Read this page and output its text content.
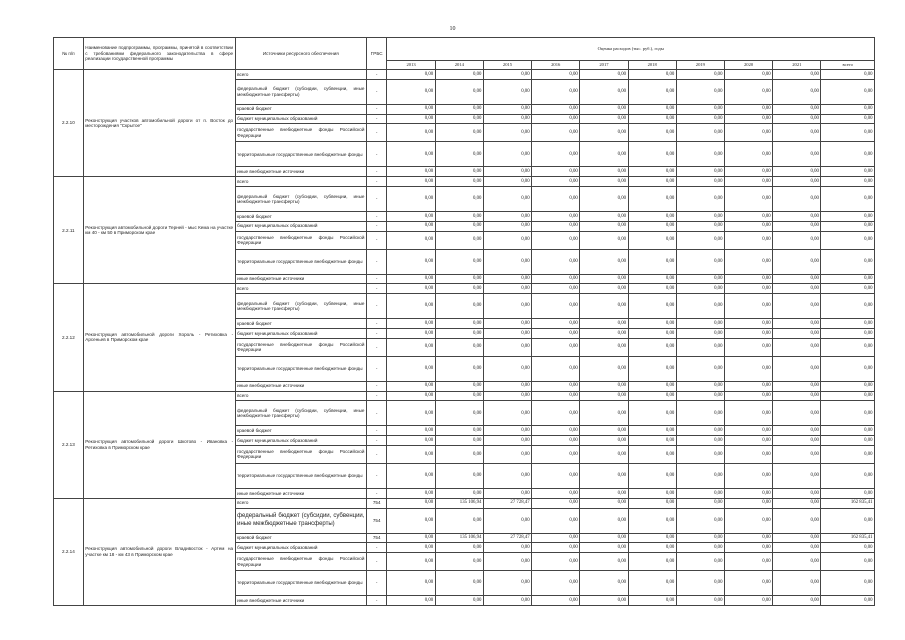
10
№ п/п	Наименование подпрограммы, программы, принятой в соответствии с требованиями федерального законодательства в сфере реализации государственной программы	Источники ресурсного обеспечения	ГРБС	Оценка расходов (тыс. руб.), годы									
				2013	2014	2015	2016	2017	2018	2019	2020	2021	всего
2.2.10	Реконструкция участков автомобильной дороги от п. Восток до месторождения "Скрытое"	всего	-	0,00	0,00	0,00	0,00	0,00	0,00	0,00	0,00	0,00	0,00
		федеральный бюджет (субсидии, субвенции, иные межбюджетные трансферты)	-	0,00	0,00	0,00	0,00	0,00	0,00	0,00	0,00	0,00	0,00
		краевой бюджет	-	0,00	0,00	0,00	0,00	0,00	0,00	0,00	0,00	0,00	0,00
		бюджет муниципальных образований	-	0,00	0,00	0,00	0,00	0,00	0,00	0,00	0,00	0,00	0,00
		государственные внебюджетные фонды Российской Федерации	-	0,00	0,00	0,00	0,00	0,00	0,00	0,00	0,00	0,00	0,00
		территориальные государственные внебюджетные фонды	-	0,00	0,00	0,00	0,00	0,00	0,00	0,00	0,00	0,00	0,00
		иные внебюджетные источники	-	0,00	0,00	0,00	0,00	0,00	0,00	0,00	0,00	0,00	0,00
2.2.11	Реконструкция автомобильной дороги Терней - мыс Кема на участке км 40 - км 50 в Приморском крае	всего	-	0,00	0,00	0,00	0,00	0,00	0,00	0,00	0,00	0,00	0,00
		федеральный бюджет (субсидии, субвенции, иные межбюджетные трансферты)	-	0,00	0,00	0,00	0,00	0,00	0,00	0,00	0,00	0,00	0,00
		краевой бюджет	-	0,00	0,00	0,00	0,00	0,00	0,00	0,00	0,00	0,00	0,00
		бюджет муниципальных образований	-	0,00	0,00	0,00	0,00	0,00	0,00	0,00	0,00	0,00	0,00
		государственные внебюджетные фонды Российской Федерации	-	0,00	0,00	0,00	0,00	0,00	0,00	0,00	0,00	0,00	0,00
		территориальные государственные внебюджетные фонды	-	0,00	0,00	0,00	0,00	0,00	0,00	0,00	0,00	0,00	0,00
		иные внебюджетные источники	-	0,00	0,00	0,00	0,00	0,00	0,00	0,00	0,00	0,00	0,00
2.2.12	Реконструкция автомобильной дороги Хороль - Ретиховка - Арсеньев в Приморском крае	всего	-	0,00	0,00	0,00	0,00	0,00	0,00	0,00	0,00	0,00	0,00
		федеральный бюджет (субсидии, субвенции, иные межбюджетные трансферты)	-	0,00	0,00	0,00	0,00	0,00	0,00	0,00	0,00	0,00	0,00
		краевой бюджет	-	0,00	0,00	0,00	0,00	0,00	0,00	0,00	0,00	0,00	0,00
		бюджет муниципальных образований	-	0,00	0,00	0,00	0,00	0,00	0,00	0,00	0,00	0,00	0,00
		государственные внебюджетные фонды Российской Федерации	-	0,00	0,00	0,00	0,00	0,00	0,00	0,00	0,00	0,00	0,00
		территориальные государственные внебюджетные фонды	-	0,00	0,00	0,00	0,00	0,00	0,00	0,00	0,00	0,00	0,00
		иные внебюджетные источники	-	0,00	0,00	0,00	0,00	0,00	0,00	0,00	0,00	0,00	0,00
2.2.13	Реконструкция автомобильной дороги Шкотово - Ивановка - Ретиховка в Приморском крае	всего	-	0,00	0,00	0,00	0,00	0,00	0,00	0,00	0,00	0,00	0,00
		федеральный бюджет (субсидии, субвенции, иные межбюджетные трансферты)	-	0,00	0,00	0,00	0,00	0,00	0,00	0,00	0,00	0,00	0,00
		краевой бюджет	-	0,00	0,00	0,00	0,00	0,00	0,00	0,00	0,00	0,00	0,00
		бюджет муниципальных образований	-	0,00	0,00	0,00	0,00	0,00	0,00	0,00	0,00	0,00	0,00
		государственные внебюджетные фонды Российской Федерации	-	0,00	0,00	0,00	0,00	0,00	0,00	0,00	0,00	0,00	0,00
		территориальные государственные внебюджетные фонды	-	0,00	0,00	0,00	0,00	0,00	0,00	0,00	0,00	0,00	0,00
		иные внебюджетные источники	-	0,00	0,00	0,00	0,00	0,00	0,00	0,00	0,00	0,00	0,00
2.2.14	Реконструкция автомобильной дороги Владивосток - Артем на участке км 18 - км 43 в Приморском крае	всего	754	0,00	135 106,94	27 728,47	0,00	0,00	0,00	0,00	0,00	0,00	162 835,41
		федеральный бюджет (субсидии, субвенции, иные межбюджетные трансферты)	754	0,00	0,00	0,00	0,00	0,00	0,00	0,00	0,00	0,00	0,00
		краевой бюджет	754	0,00	135 106,94	27 728,47	0,00	0,00	0,00	0,00	0,00	0,00	162 835,41
		бюджет муниципальных образований	-	0,00	0,00	0,00	0,00	0,00	0,00	0,00	0,00	0,00	0,00
		государственные внебюджетные фонды Российской Федерации	-	0,00	0,00	0,00	0,00	0,00	0,00	0,00	0,00	0,00	0,00
		территориальные государственные внебюджетные фонды	-	0,00	0,00	0,00	0,00	0,00	0,00	0,00	0,00	0,00	0,00
		иные внебюджетные источники	-	0,00	0,00	0,00	0,00	0,00	0,00	0,00	0,00	0,00	0,00
